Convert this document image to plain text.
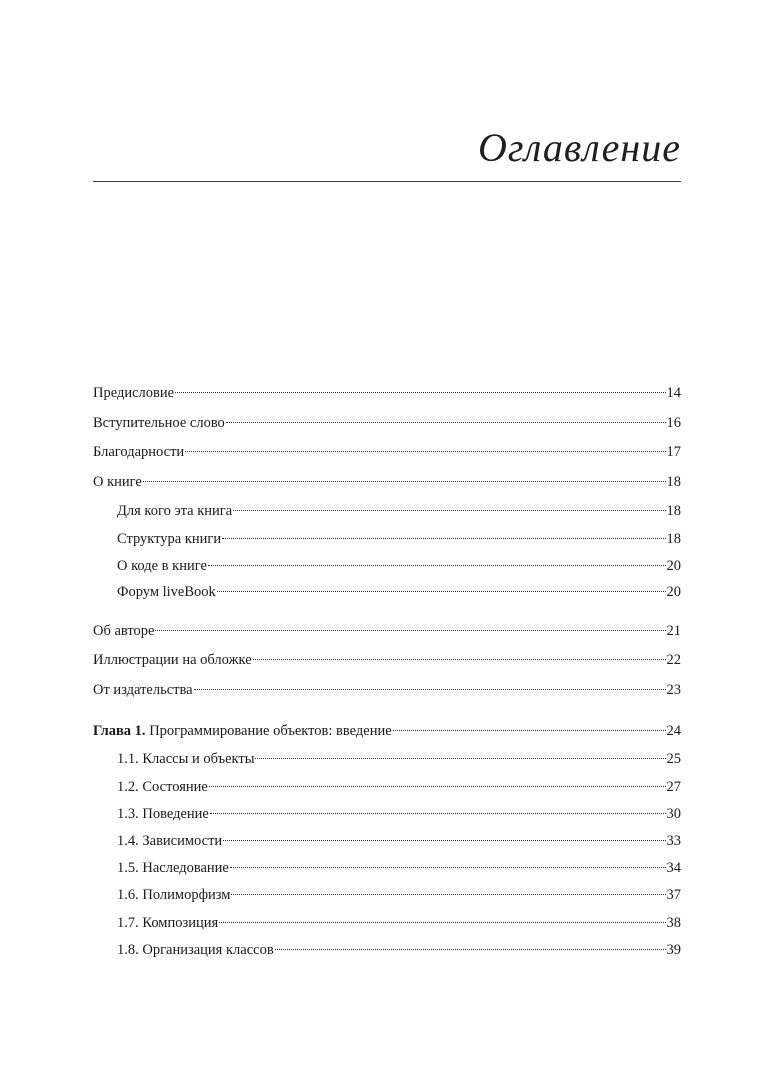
Оглавление
Предисловие	14
Вступительное слово	16
Благодарности	17
О книге	18
Для кого эта книга	18
Структура книги	18
О коде в книге	20
Форум liveBook	20
Об авторе	21
Иллюстрации на обложке	22
От издательства	23
Глава 1. Программирование объектов: введение	24
1.1. Классы и объекты	25
1.2. Состояние	27
1.3. Поведение	30
1.4. Зависимости	33
1.5. Наследование	34
1.6. Полиморфизм	37
1.7. Композиция	38
1.8. Организация классов	39
